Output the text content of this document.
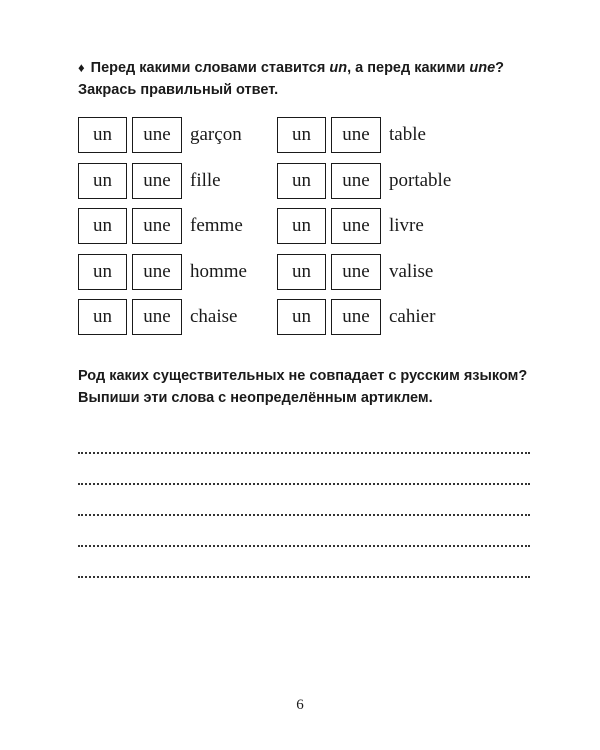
♦ Перед какими словами ставится un, а перед какими une?

Закрась правильный ответ.

un	une	garçon
un	une	fille
un	une	femme
un	une	homme
un	une	chaise
un	une	table
un	une	portable
un	une	livre
un	une	valise
un	une	cahier

Род каких существительных не совпадает с русским языком?

Выпиши эти слова с неопределённым артиклем.

6
